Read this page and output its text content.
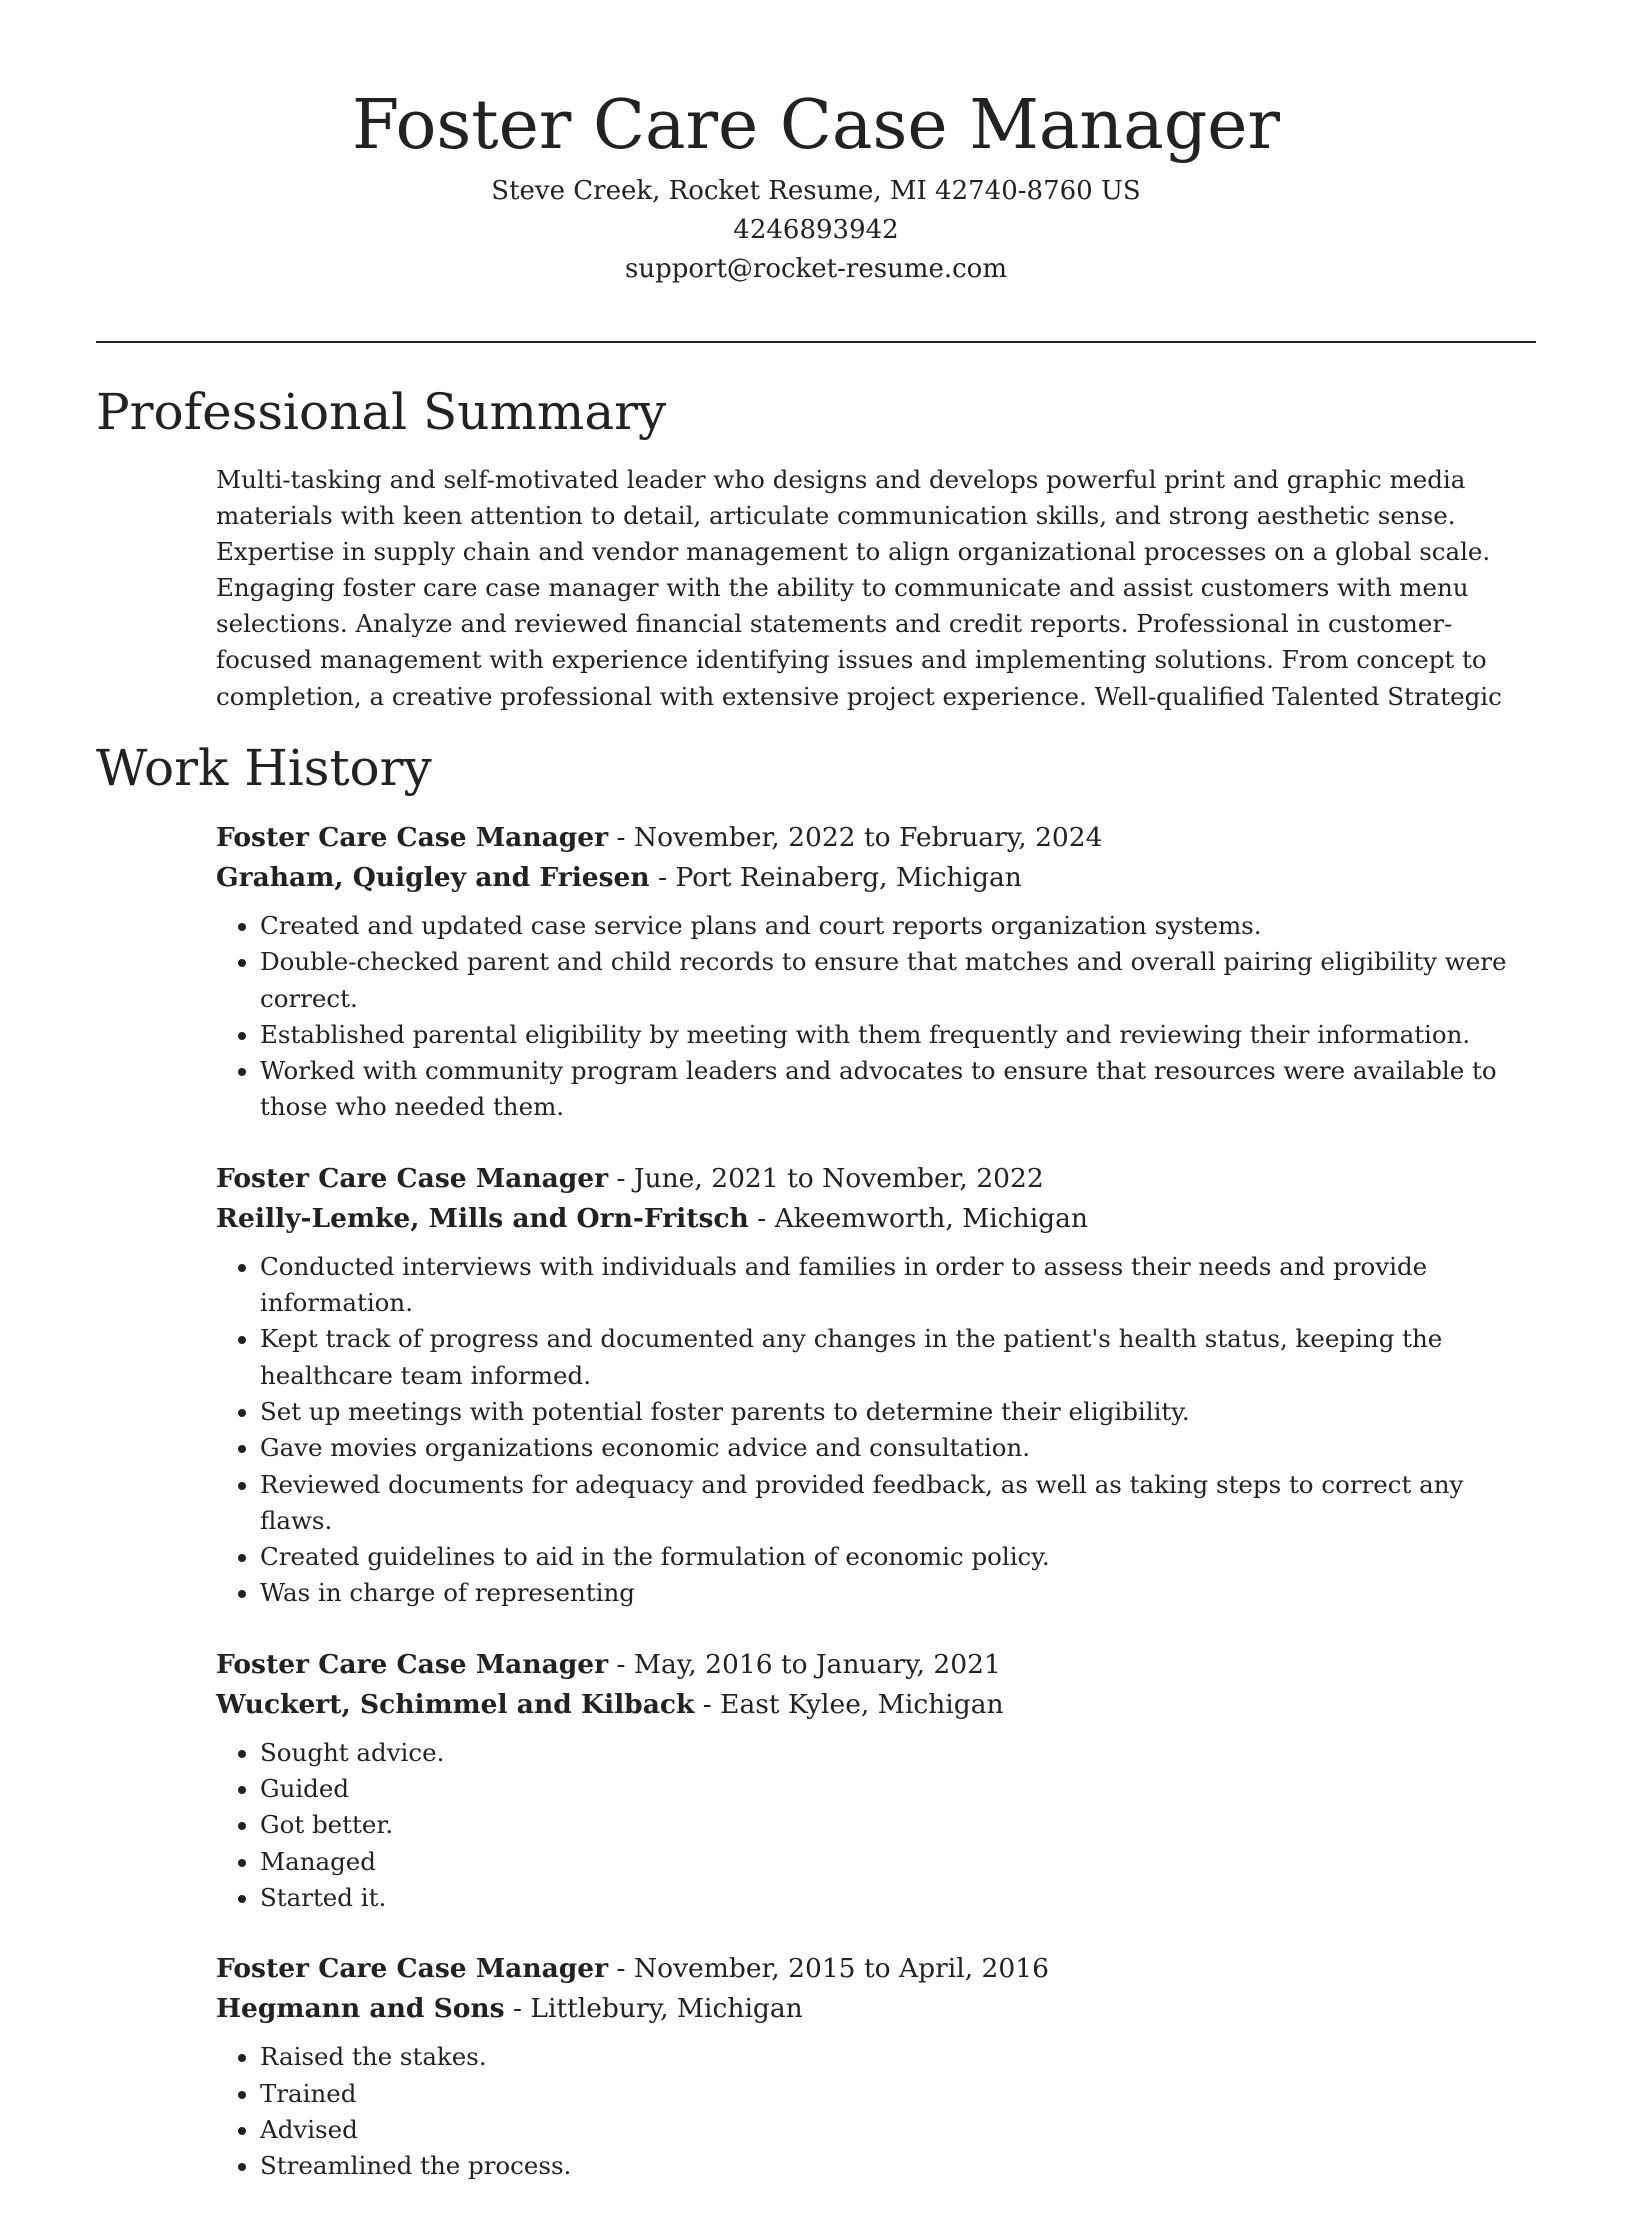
Foster Care Case Manager

Steve Creek, Rocket Resume, MI 42740-8760 US

4246893942

support@rocket-resume.com

Professional Summary

Multi-tasking and self-motivated leader who designs and develops powerful print and graphic media materials with keen attention to detail, articulate communication skills, and strong aesthetic sense. Expertise in supply chain and vendor management to align organizational processes on a global scale. Engaging foster care case manager with the ability to communicate and assist customers with menu selections. Analyze and reviewed financial statements and credit reports. Professional in customer-focused management with experience identifying issues and implementing solutions. From concept to completion, a creative professional with extensive project experience. Well-qualified Talented Strategic

Work History

Foster Care Case Manager - November, 2022 to February, 2024

Graham, Quigley and Friesen - Port Reinaberg, Michigan

• Created and updated case service plans and court reports organization systems.
• Double-checked parent and child records to ensure that matches and overall pairing eligibility were correct.
• Established parental eligibility by meeting with them frequently and reviewing their information.
• Worked with community program leaders and advocates to ensure that resources were available to those who needed them.

Foster Care Case Manager - June, 2021 to November, 2022

Reilly-Lemke, Mills and Orn-Fritsch - Akeemworth, Michigan

• Conducted interviews with individuals and families in order to assess their needs and provide information.
• Kept track of progress and documented any changes in the patient's health status, keeping the healthcare team informed.
• Set up meetings with potential foster parents to determine their eligibility.
• Gave movies organizations economic advice and consultation.
• Reviewed documents for adequacy and provided feedback, as well as taking steps to correct any flaws.
• Created guidelines to aid in the formulation of economic policy.
• Was in charge of representing

Foster Care Case Manager - May, 2016 to January, 2021

Wuckert, Schimmel and Kilback - East Kylee, Michigan

• Sought advice.
• Guided
• Got better.
• Managed
• Started it.

Foster Care Case Manager - November, 2015 to April, 2016

Hegmann and Sons - Littlebury, Michigan

• Raised the stakes.
• Trained
• Advised
• Streamlined the process.
